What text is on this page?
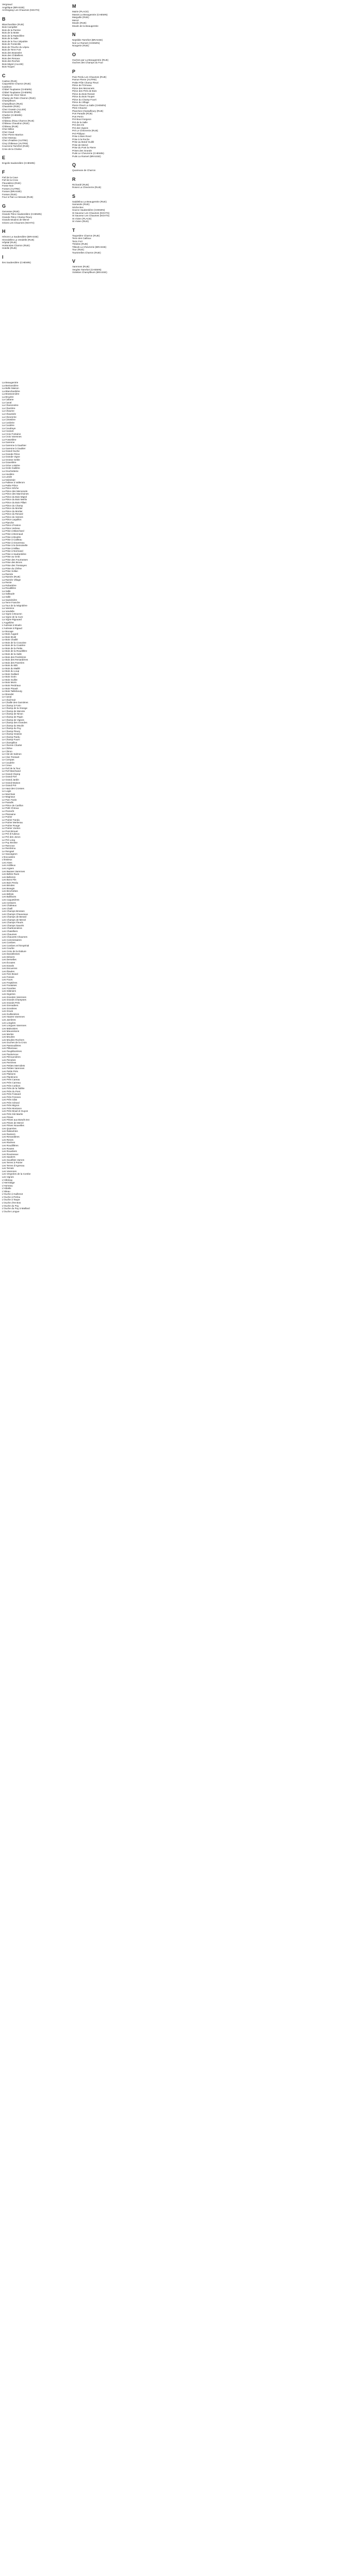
Vergnaud
Angélique (BRASSE)
Archingeay Les Chaumes (NOATS)
B
Blanchardière (RUE)
Bois Campillet
Bois de la Parmie
Bois de la Motte
Bois de la Ratevillère
Bois de la Salle
Bois de la Tour Sépultée
Bois de Fontenille
Bois de l'Ouche du Lépeu
Bois de Terre Fort
Bois des Brasselet
Bois des Châtelliers
Bois des Renaux
Bois des Roches
Bois Migné (ALLEE)
Bois Toupet
C
Cadran (RUE)
Caquetterie Charron (RUE)
Cardinon
Châtel Touplasse (CHEMIN)
Châtel Touplasse (CHEMIN)
Champ de Chez Ninon
Champ de Potin Charron (RUE)
Champfleurs
Champfleurs (RUE)
Chaussée (RUE)
Chez Grassin (ALLEE)
Chevrerrie (RUE)
Chartier (CHEMIN)
Chartier
Château d'Eau Charron (RUE)
Château Chaudron (RUE)
Château (RUE)
Chez Billon
Chez Gaud
Chez Pierre Maréon
Chez Moreau
Chez d'Hailère (AUTRE)
Cinq Châteaux (AUTRE)
Couronne Tarrefort (RUE)
Croix de la Chaîne
E
Engolis Sauberdière (CHEMIN)
F
Fief de la Cave
Fief de la Croix
Fleuralièrei (RUE)
Fosse Noir
Fosses (AUTRE)
Fosses (BRASSE)
Fosses (RUE)
Four à Pain Le Menais (RUE)
G
Gervesse (RUE)
Grande Pièce Sauberdière (CHEMIN)
Grande Pièce Champ Fleury
Grands Moulins de Mervé
Grives Les Chaumes (NOATS)
H
Hérons La Sauberdière (BRASSE)
Hirondelles La Vendelle (RUE)
Hôpital (RUE)
Hortensias Charron (RUE)
Hotelle (RUE)
I
Iles Sauberdière (CHEMIN)
M
Mairie (PLACE)
Marais La Beaugentrie (CHEMIN)
Marguille (RUE)
Mervé
Moulin (RUE)
Moulin de la Beaugentrie
N
Neptiliée Tarrefort (BRASSE)
Noir Le Rameé (CHEMIN)
Nougerie (RUE)
O
Ouches par La Beaugentrie (RUE)
Ouches des Champs du Four
P
Pain Perdu Les Chaumes (RUE)
Parrue Pierre (AUTRE)
Petite Pôle Champ Fleuri
Pièce de l'Ormeau
Pièce des Mervenets
Pièce des Prés de Bois
Pièce du Bois Rosset
Pièce du Bois Toupet
Pièce du Champ Fourri
Pièce du Village
Pierre Fleuri La Salle (CHEMIN)
Plein Chaume
Planches Champfleury (RUE)
Port Paradis (RUE)
Port Perrin
Pré Bout Gorgeon
Pré de la Salle
Pré des Iris
Pré des Vignes
Pré Le Chevrerrie (RUE)
Pré Philipon
Prise à Bois Rond
Prise à la Roche
Prise au Bœuf Guillé
Prise de Mervé
Prise du Pont la Pierre
Prises des Grande
Puits Le Chevrerrie (CHEMIN)
Puits La Rameé (BRASSE)
Q
Quaireuse de Charron
R
Richardé (RUE)
Roses La Chevrerrie (RUE)
S
Saddelina La Beaugentrie (RUE)
Sarrasole (RUE)
Sèche Bec
Source Sauberdière (CHEMIN)
St Sauveur Les Chaumes (NOATS)
St Sauveur Les Chaumes (NOATS)
St Vivien (PLACE)
St Vivien (RUE)
T
Taupetière Charron (RUE)
Terre des Cailloux
Terre Fort
Thédins (RUE)
Tilleuls La Chevrerrie (BRASSE)
Tour (RUE)
Tourterelles Charron (RUE)
V
Varennes (RUE)
Vergète Tarrefort (CHEMIN)
Violettes Champfleurs (BRASSE)
La Beaugentrie
La Bertrandière
La Belle Maison
La Blanchardière
La Brassonnière
La Bruyère
La Cabane
La Canal
La Charonnière
La Charrière
La Chaume
La Chaussée
La Chevrerrie
La Cimetière
La Corderie
La Coutière
La Coudraye
La Couture
La Croix Fontaine
La Croix Varennes
La Fosselière
La Garenne
La Garenne à Gauthier
La Garenne à Gaultier
La Grand Ouche
La Grande Pièce
La Grande Vigne
La Grosse Gelée
La Gravelière
La Grive Loisière
La Grole Gaillère
La Gruchetterie
La Houlière
La Lande
La Noiseraie
La Palisse à Vallerom
La Petite Pièce
La Pièce Sêche
La Pièce des Mervenets
La Pièce des Marchoines
La Pièce du Bois Migné
La Pièce du Bois Merlin
La Pièce du Bois Pillart
La Pièce du Champ
La Pièce du Mortier
La Pièce du Mortier
La Pièce du Renard
La Pièce du Vannes
La Pièce Laquillon
La Planche
La Pièce d'Assion
La Pièce Verlene
La Prise à Blanchard
La Prise à Bonnaud
La Prise à Bouttin
La Prise à Cailleau
La Prise à Gravereau
La Prise à la Demoiselle
La Prise à Millau
La Prise à Normand
La Prise à Sauberdière
La Prise au Grob
La Prise des Fourrasses
La Prise des Brons
La Prise des Tressayes
La Prise du Chêne
La Prise Sollan
La Ramée
La Ramée (RUE)
La Ramée Village
La Rente
La Robertière
La Roudillère
La Salle
La Sallaude
La Salle
La Saulvinière
La Terre Franche
La Tour de la Négrolière
La Varenne
La Vendelle
La Vigne à Bouzon
La Vigne de la Cure
La Vigne Rigouard
L'Augelière
L'Aubraie à Moulin
L'Aubraie à Rigaud
Le Bocage
Le Bois Augard
Le Bois Brulé
Le Bois Chaillé
Le Bois de la Couvoise
Le Bois de la Coutière
Le Bois de la Petite
Le Bois de la Roudillère
Le Bois de la Salle
Le Bois des Perdrières
Le Bois des Renardières
Le Bois des Paveries
Le Bois du Bât
Le Bois du Maillé
Le Bois du Loup
Le Bois Gaillard
Le Bois Gorin
Le Bois Guillot
Le Bois Morin
Le Bois Perdriaux
Le Bois Pinault
Le Bois Taillebourg
Le Brandet
Le Canal
Le Chail Noir
Le Chaille des Garnières
Le Champ à Forin
Le Champ de la Grange
Le Champ de Mervée
Le Champ de Ninon
Le Champ de Papin
Le Champ de Vignes
Le Champ des Grandes
Le Champ du Moulin
Le Champ du Puy
Le Champ Fleury
Le Champ Grassin
Le Champ Pardu
Le Champ Fourri
Le Champillon
Le Chemin Charlet
Le Chêne
Le Chiron
Le Clot de Salmon
Le Clos Tressart
Le Compas
Le Coudrée
Le Creux
Le Fief de la Tour
Le Fief Marchand
Le Grand Champ
Le Grand Fief
Le Grand Jardin
Le Grand Maison
Le Grand Pré
Le Haut des Crosses
Le Logis
Le Marchais
Le Magnaux
Le Parc Fanis
Le Paradis
Le Pièce de Carillon
Le Petit Chiroux
Le Pinzerôt
Le Plessaine
Le Poirier
Le Poirier Fandu
Le Poirier Merlenau
Le Poirier Rouge
Le Poirier Vordon
Le Pont Brouet
Le Pré d'Aubeux
Le Pré des Joncs
Le Pré Long
Le Puy Brosse
Le Rancoux
Le Rembrinu
Le Rengsel
Le Sauvageon
L'Encoulière
L'Essieux
Les Aises
Les Ardilleux
Les Argiers
Les Basses Varennes
Les Belles Rues
Les Bellezes
Les Bons Fils
Les Bois Perdu
Les Brindes
Les Brangis
Les Brochettes
Les Brillots
Les Bulliboirs
Les Caquetières
Les Cerisiers
Les Chaleaux
Les Chaill
Les Champs Brosses
Les Champs Chauveaux
Les Champs de Berard
Les Champs de Mervé
Les Champs Fleuris
Les Champs Sauvés
Les Charbonnières
Les Chatelliers
Les Chaumes
Les Chauvets Chaumes
Les Commissaires
Les Combes
Les Combes et l'Empérial
Les Courbe
Les Croix de la Dabure
Les Dandeleines
Les Déniers
Les Derselles
Les Écoutes
Les Ezards
Les Escuerres
Les Étaules
Les Fies Brand
Les Fosses
Les Fours
Les Freptières
Les Foutaises
Les Frenèles
Les Gâtiniers
Les Gigeries
Les Grandes Varennes
Les Grands Champses
Les Grands Prés
Les Grenadiers
Les Grosières
Les Grues
Les Guillonières
Les Hautes Varennes
Les Jarrières
Les Longées
Les Longues Varennes
Les Malvoisies
Les Mauvoisons
Les Merles
Les Moulins
Les Moulins Rochers
Les Ouches de la Croix
Les Passoudières
Les Pâtureaux
Les Peupliborières
Les Paulumoux
Les Pérouxnières
Les Pensées
Les Perrières
Les Petites Merroilets
Les Petites Varennes
Les Petits Prés
Les Plaisons
Les Plantinons
Les Prés Careau
Les Prés Carreau
Les Prés Corbion
Les Prés de la Taillée
Les Prés du Pont
Les Prés Fossard
Les Prés Fresnes
Les Prés Gâts
Les Prés Gérard
Les Prés Migron
Les Prés Morisson
Les Prés Mouil et Guyon
Les Prés Sût Martin
Les Prises
Les Prises aux Bœufs Est
Les Prises de Mervé
Les Prises Nouvelles
Les Quarrées
Les Rabeuhins
Les Ramiers
Les Renardières
Les Renes
Les Rivières
Les Roudillères
Les Routes
Les Rouxiliers
Les Rousseaux
Les Sautiers
Les Sousfites Varnes
Les Terres à Poirier
Les Terres d'Agrenau
Les Terrats
Les Varennes
Les Vergnées de la Combe
Les Vignes
L'Hôtimay
L'Hermitage
L'Homeau
L'Hôtelle
L'Isleau
L'Ouche à Guillenot
L'Ouche à Perlou
L'Ouche à Taupe
L'Ouche d'Ire Bos
L'Ouche du Puy
L'Ouche du Puy à Maillard
L'Ouche Longue
